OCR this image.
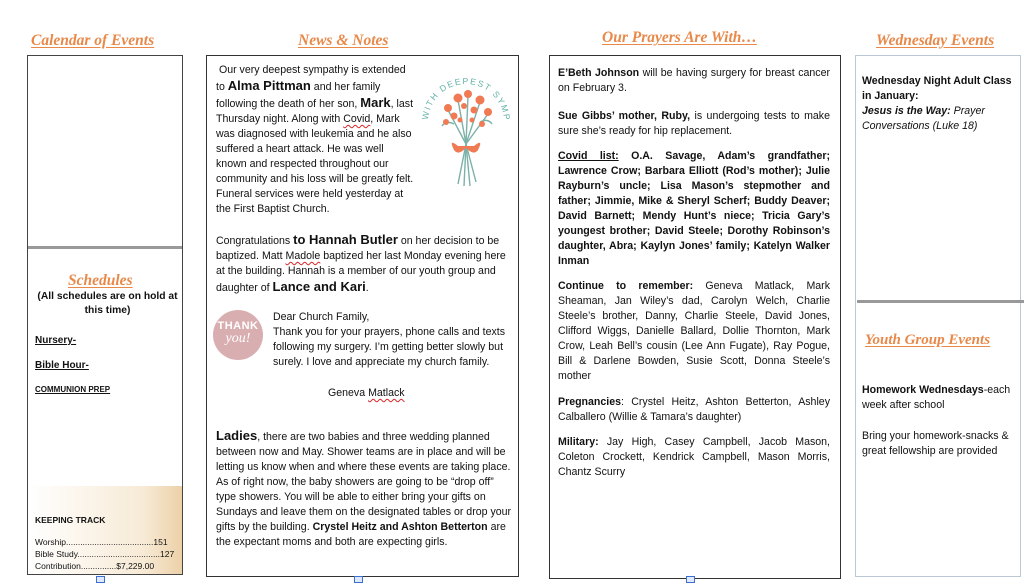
Calendar of Events	News & Notes	Our Prayers Are With…	Wednesday Events
Schedules
(All schedules are on hold at this time)
Nursery-
Bible Hour-
COMMUNION PREP
KEEPING TRACK
Worship.....................................151
Bible Study...................................127
Contribution...............$7,229.00
WITH DEEPEST SYMP
Our very deepest sympathy is extended to Alma Pittman and her family following the death of her son, Mark, last Thursday night. Along with Covid, Mark was diagnosed with leukemia and he also suffered a heart attack. He was well known and respected throughout our community and his loss will be greatly felt. Funeral services were held yesterday at the First Baptist Church.
Congratulations to Hannah Butler on her decision to be baptized. Matt Madole baptized her last Monday evening here at the building. Hannah is a member of our youth group and daughter of Lance and Kari.
THANK
you!
Dear Church Family,
Thank you for your prayers, phone calls and texts following my surgery. I’m getting better slowly but surely. I love and appreciate my church family.
Geneva Matlack
Ladies, there are two babies and three wedding planned between now and May. Shower teams are in place and will be letting us know when and where these events are taking place. As of right now, the baby showers are going to be “drop off” type showers. You will be able to either bring your gifts on Sundays and leave them on the designated tables or drop your gifts by the building. Crystel Heitz and Ashton Betterton are the expectant moms and both are expecting girls.
E’Beth Johnson will be having surgery for breast cancer on February 3.
Sue Gibbs’ mother, Ruby, is undergoing tests to make sure she’s ready for hip replacement.
Covid list: O.A. Savage, Adam’s grandfather; Lawrence Crow; Barbara Elliott (Rod’s mother); Julie Rayburn’s uncle; Lisa Mason’s stepmother and father; Jimmie, Mike & Sheryl Scherf; Buddy Deaver; David Barnett; Mendy Hunt’s niece; Tricia Gary’s youngest brother; David Steele; Dorothy Robinson’s daughter, Abra; Kaylyn Jones’ family; Katelyn Walker Inman
Continue to remember: Geneva Matlack, Mark Sheaman, Jan Wiley’s dad, Carolyn Welch, Charlie Steele’s brother, Danny, Charlie Steele, David Jones, Clifford Wiggs, Danielle Ballard, Dollie Thornton, Mark Crow, Leah Bell’s cousin (Lee Ann Fugate), Ray Pogue, Bill & Darlene Bowden, Susie Scott, Donna Steele’s mother
Pregnancies: Crystel Heitz, Ashton Betterton, Ashley Calballero (Willie & Tamara’s daughter)
Military: Jay High, Casey Campbell, Jacob Mason, Coleton Crockett, Kendrick Campbell, Mason Morris, Chantz Scurry
Wednesday Night Adult Class in January:
Jesus is the Way: Prayer Conversations (Luke 18)
Youth Group Events
Homework Wednesdays-each week after school
Bring your homework-snacks & great fellowship are provided
